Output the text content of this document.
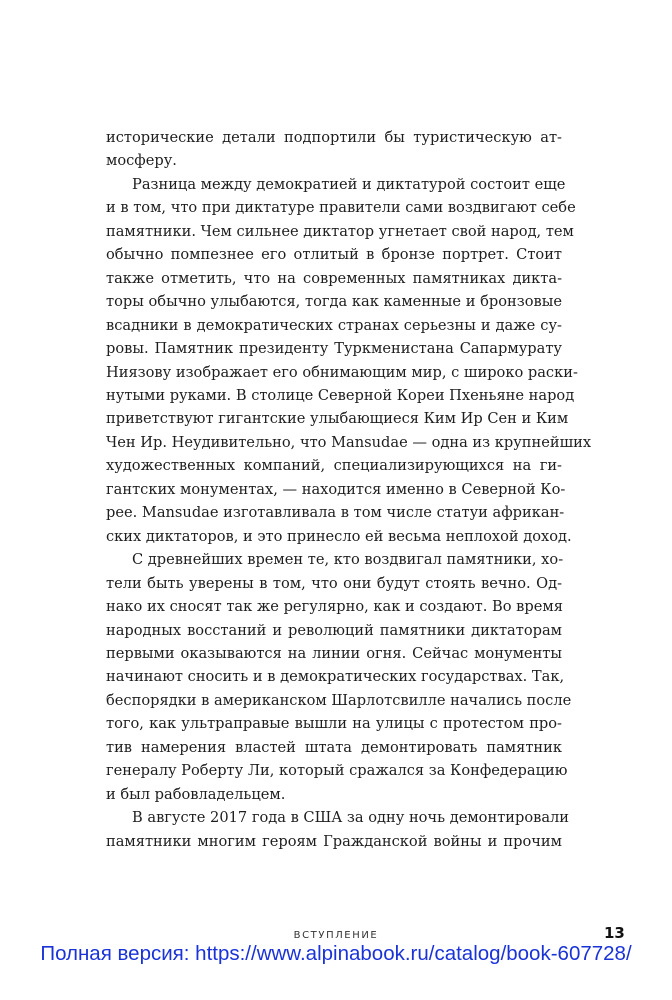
исторические детали подпортили бы туристическую ат-
мосферу.
Разница между демократией и диктатурой состоит еще
и в том, что при диктатуре правители сами воздвигают себе
памятники. Чем сильнее диктатор угнетает свой народ, тем
обычно помпезнее его отлитый в бронзе портрет. Стоит
также отметить, что на современных памятниках дикта-
торы обычно улыбаются, тогда как каменные и бронзовые
всадники в демократических странах серьезны и даже су-
ровы. Памятник президенту Туркменистана Сапармурату
Ниязову изображает его обнимающим мир, с широко раски-
нутыми руками. В столице Северной Кореи Пхеньяне народ
приветствуют гигантские улыбающиеся Ким Ир Сен и Ким
Чен Ир. Неудивительно, что Mansudae — одна из крупнейших
художественных компаний, специализирующихся на ги-
гантских монументах, — находится именно в Северной Ко-
рее. Mansudae изготавливала в том числе статуи африкан-
ских диктаторов, и это принесло ей весьма неплохой доход.
С древнейших времен те, кто воздвигал памятники, хо-
тели быть уверены в том, что они будут стоять вечно. Од-
нако их сносят так же регулярно, как и создают. Во время
народных восстаний и революций памятники диктаторам
первыми оказываются на линии огня. Сейчас монументы
начинают сносить и в демократических государствах. Так,
беспорядки в американском Шарлотсвилле начались после
того, как ультраправые вышли на улицы с протестом про-
тив намерения властей штата демонтировать памятник
генералу Роберту Ли, который сражался за Конфедерацию
и был рабовладельцем.
В августе 2017 года в США за одну ночь демонтировали
памятники многим героям Гражданской войны и прочим
ВСТУПЛЕНИЕ	13
Полная версия: https://www.alpinabook.ru/catalog/book-607728/
